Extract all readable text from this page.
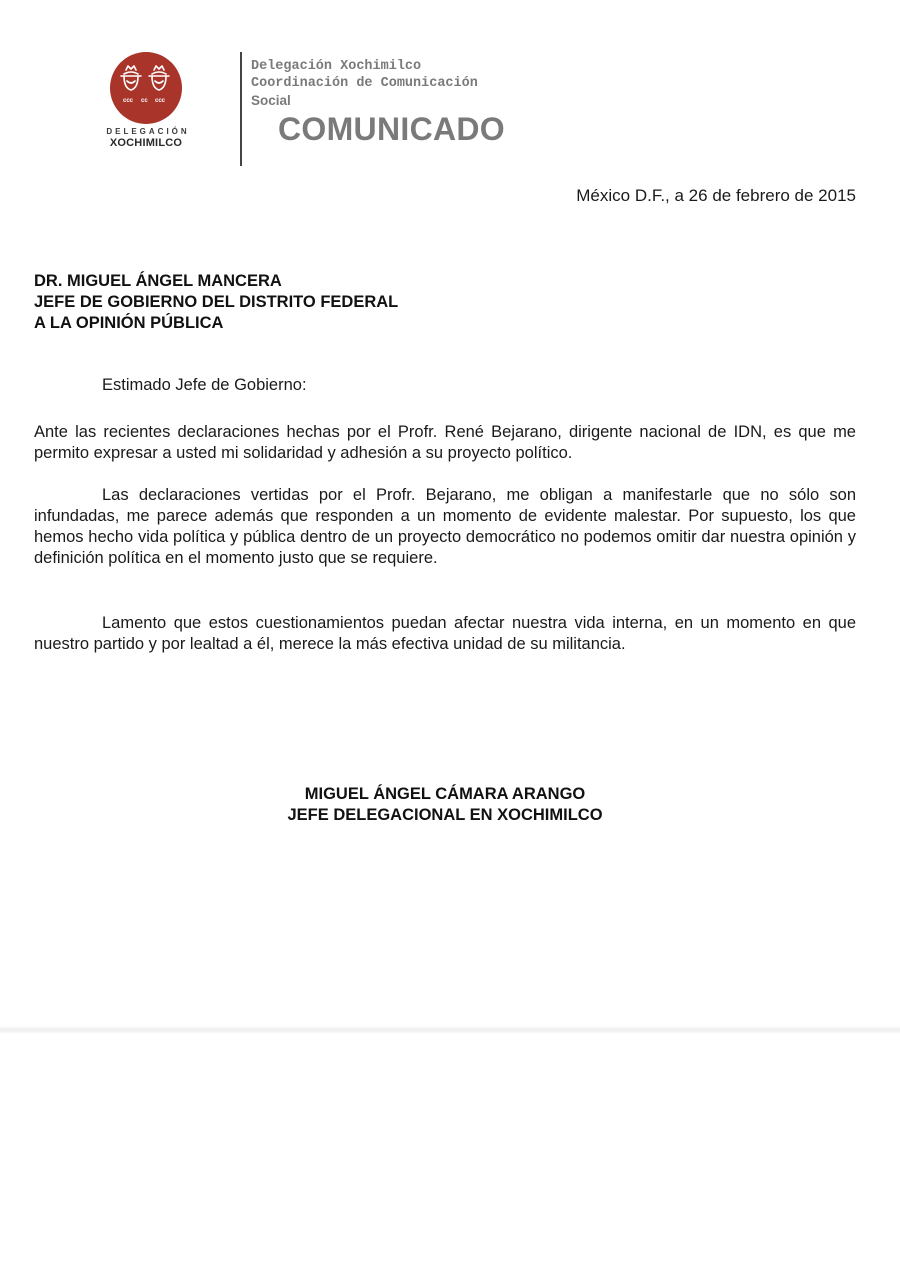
ccc cc ccc
DELEGACIÓN
XOCHIMILCO
Delegación Xochimilco
Coordinación de Comunicación
Social
COMUNICADO
México D.F., a 26 de febrero de 2015
DR. MIGUEL ÁNGEL MANCERA
JEFE DE GOBIERNO DEL DISTRITO FEDERAL
A LA OPINIÓN PÚBLICA
Estimado Jefe de Gobierno:

Ante las recientes declaraciones hechas por el Profr. René Bejarano, dirigente nacional de IDN, es que me permito expresar a usted mi solidaridad y adhesión a su proyecto político.

Las declaraciones vertidas por el Profr. Bejarano, me obligan a manifestarle que no sólo son infundadas, me parece además que responden a un momento de evidente malestar. Por supuesto, los que hemos hecho vida política y pública dentro de un proyecto democrático no podemos omitir dar nuestra opinión y definición política en el momento justo que se requiere.

Lamento que estos cuestionamientos puedan afectar nuestra vida interna, en un momento en que nuestro partido y por lealtad a él, merece la más efectiva unidad de su militancia.

MIGUEL ÁNGEL CÁMARA ARANGO
JEFE DELEGACIONAL EN XOCHIMILCO
